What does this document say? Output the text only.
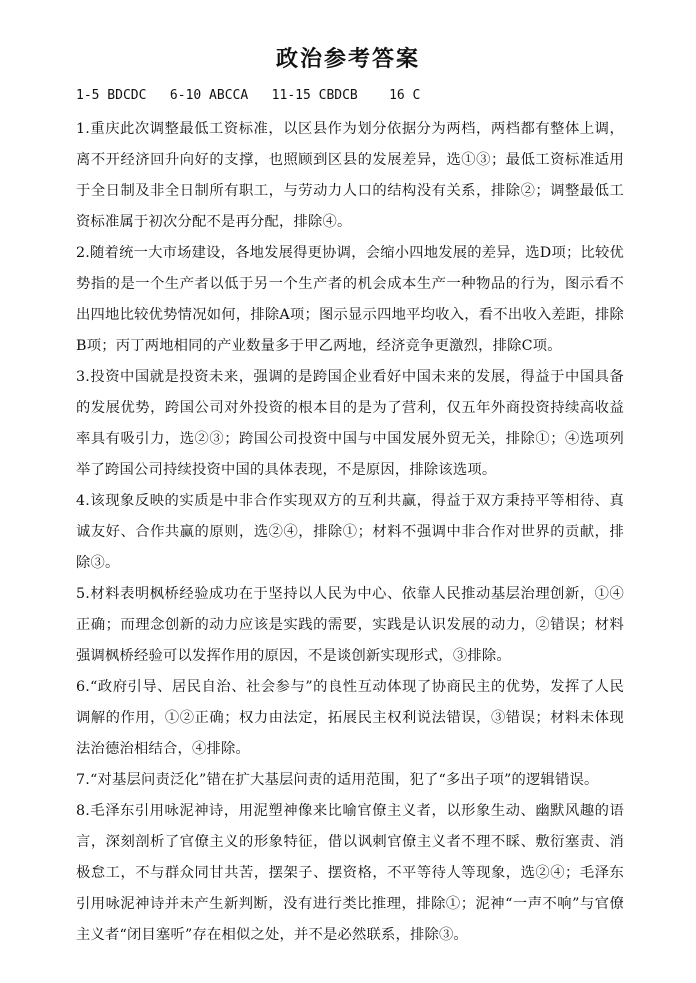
政治参考答案
1-5 BDCDC   6-10 ABCCA   11-15 CBDCB    16 C

1.重庆此次调整最低工资标准，以区县作为划分依据分为两档，两档都有整体上调，离不开经济回升向好的支撑，也照顾到区县的发展差异，选①③；最低工资标准适用于全日制及非全日制所有职工，与劳动力人口的结构没有关系，排除②；调整最低工资标准属于初次分配不是再分配，排除④。

2.随着统一大市场建设，各地发展得更协调，会缩小四地发展的差异，选D项；比较优势指的是一个生产者以低于另一个生产者的机会成本生产一种物品的行为，图示看不出四地比较优势情况如何，排除A项；图示显示四地平均收入，看不出收入差距，排除B项；丙丁两地相同的产业数量多于甲乙两地，经济竞争更激烈，排除C项。

3.投资中国就是投资未来，强调的是跨国企业看好中国未来的发展，得益于中国具备的发展优势，跨国公司对外投资的根本目的是为了营利，仅五年外商投资持续高收益率具有吸引力，选②③；跨国公司投资中国与中国发展外贸无关，排除①；④选项列举了跨国公司持续投资中国的具体表现，不是原因，排除该选项。

4.该现象反映的实质是中非合作实现双方的互利共赢，得益于双方秉持平等相待、真诚友好、合作共赢的原则，选②④，排除①；材料不强调中非合作对世界的贡献，排除③。

5.材料表明枫桥经验成功在于坚持以人民为中心、依靠人民推动基层治理创新，①④正确；而理念创新的动力应该是实践的需要，实践是认识发展的动力，②错误；材料强调枫桥经验可以发挥作用的原因，不是谈创新实现形式，③排除。

6.“政府引导、居民自治、社会参与”的良性互动体现了协商民主的优势，发挥了人民调解的作用，①②正确；权力由法定，拓展民主权利说法错误，③错误；材料未体现法治德治相结合，④排除。

7.“对基层问责泛化”错在扩大基层问责的适用范围，犯了“多出子项”的逻辑错误。

8.毛泽东引用咏泥神诗，用泥塑神像来比喻官僚主义者，以形象生动、幽默风趣的语言，深刻剖析了官僚主义的形象特征，借以讽刺官僚主义者不理不睬、敷衍塞责、消极怠工，不与群众同甘共苦，摆架子、摆资格，不平等待人等现象，选②④；毛泽东引用咏泥神诗并未产生新判断，没有进行类比推理，排除①；泥神“一声不响”与官僚主义者“闭目塞听”存在相似之处，并不是必然联系，排除③。
